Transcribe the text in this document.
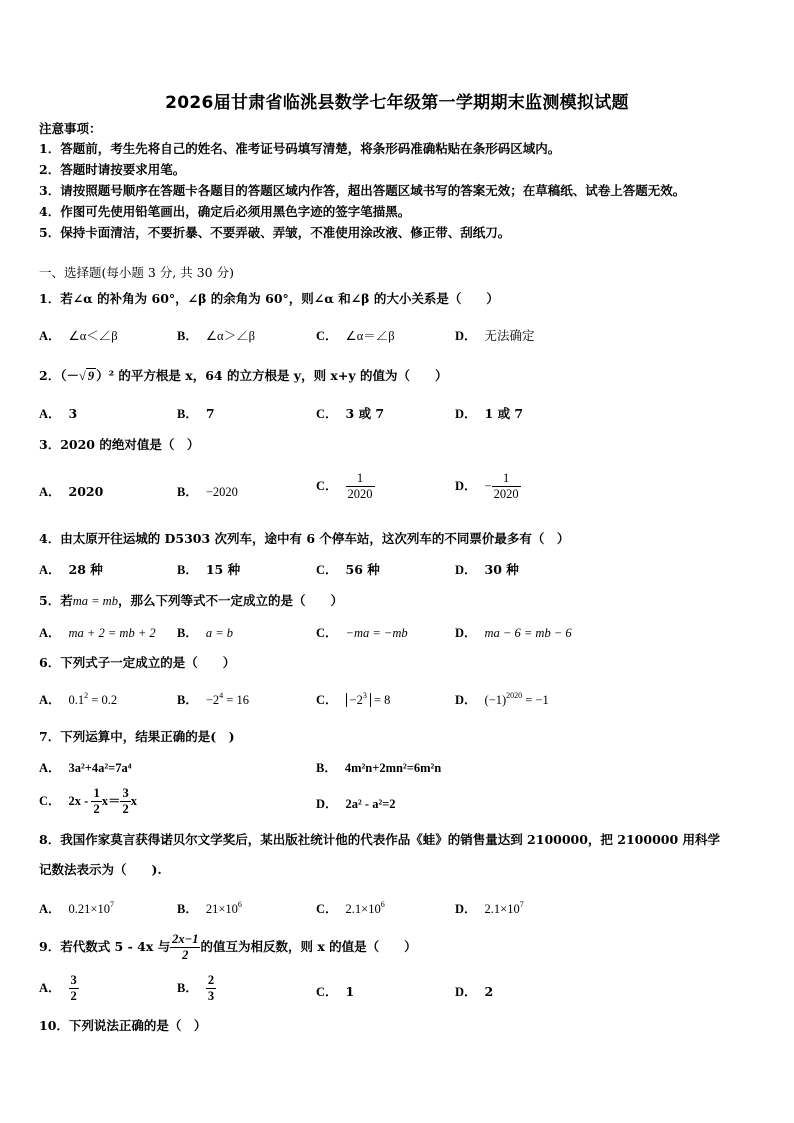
2026届甘肃省临洮县数学七年级第一学期期末监测模拟试题
注意事项：
1．答题前，考生先将自己的姓名、准考证号码填写清楚，将条形码准确粘贴在条形码区域内。
2．答题时请按要求用笔。
3．请按照题号顺序在答题卡各题目的答题区域内作答，超出答题区域书写的答案无效；在草稿纸、试卷上答题无效。
4．作图可先使用铅笔画出，确定后必须用黑色字迹的签字笔描黑。
5．保持卡面清洁，不要折暴、不要弄破、弄皱，不准使用涂改液、修正带、刮纸刀。
一、选择题(每小题 3 分, 共 30 分)
1．若∠α 的补角为 60°，∠β 的余角为 60°，则∠α 和∠β 的大小关系是（　　）
A． ∠α＜∠β	B． ∠α＞∠β	C． ∠α＝∠β	D． 无法确定
2．（－√ 9 ）² 的平方根是 x，64 的立方根是 y，则 x+y 的值为（　　）
A． 3	B． 7	C． 3 或 7	D． 1 或 7
3．2020 的绝对值是（　）
A． 2020	B． −2020	C． $\frac{1}{2020}$	D． − $\frac{1}{2020}$
4．由太原开往运城的 D5303 次列车，途中有 6 个停车站，这次列车的不同票价最多有（　）
A． 28 种	B． 15 种	C． 56 种	D． 30 种
5．若ma = mb，那么下列等式不一定成立的是（　　）
A． ma + 2 = mb + 2 B． a = b	C． −ma = −mb	D． ma − 6 = mb − 6
6．下列式子一定成立的是（　　）
A． $0.1^2 = 0.2$	B． $-2^4 = 16$	C． $-2^3 = 8$	D． $(-1)^{2020} = -1$
7．下列运算中，结果正确的是(　)
A． 3a²+4a²=7a⁴	B． 4m²n+2mn²=6m²n
C． $2x - \frac{1}{2} x= \frac{3}{2}$ x	D． 2a² - a²=2
8．我国作家莫言获得诺贝尔文学奖后，某出版社统计他的代表作品《蛙》的销售量达到 2100000，把 2100000 用科学
记数法表示为（　　).
A． $0.21\times 10^7$	B． $21\times 10^6$	C． $2.1\times 10^6$	D． $2.1\times 10^7$
9．若代数式 5 - 4x 与 $\frac{2x-1}{2}$ 的值互为相反数，则 x 的值是（　　）
A． $\frac{3}{2}$	B． $\frac{2}{3}$	C． 1	D． 2
10．下列说法正确的是（　）
